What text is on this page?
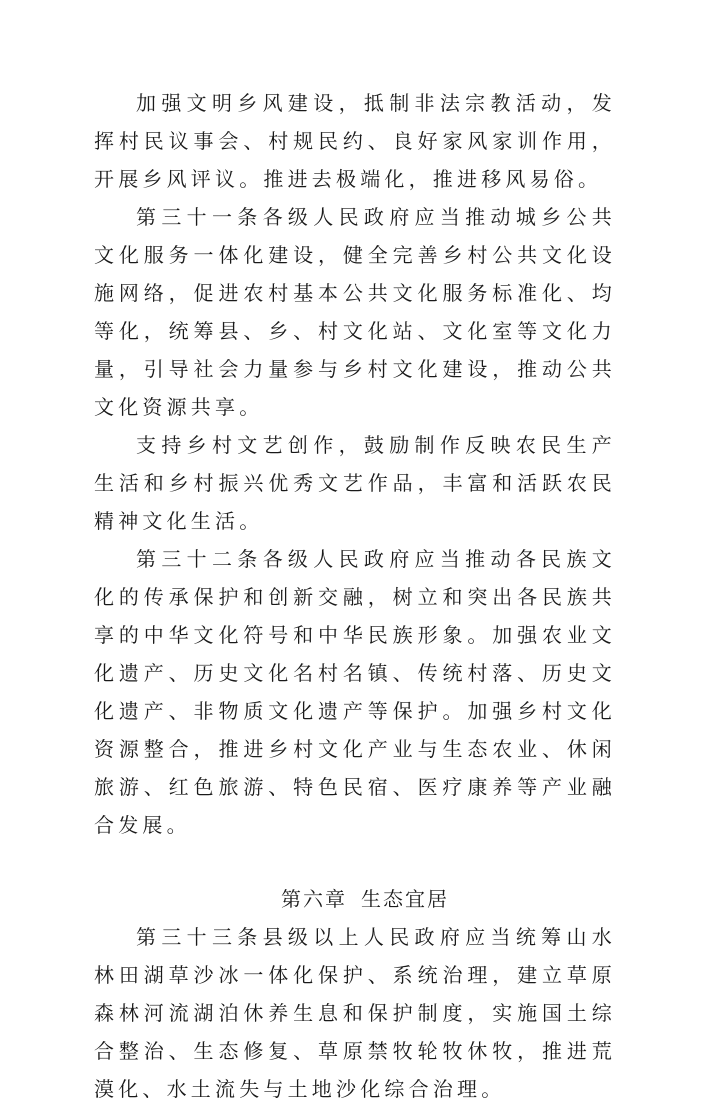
加强文明乡风建设，抵制非法宗教活动，发挥村民议事会、村规民约、良好家风家训作用，开展乡风评议。推进去极端化，推进移风易俗。

第三十一条各级人民政府应当推动城乡公共文化服务一体化建设，健全完善乡村公共文化设施网络，促进农村基本公共文化服务标准化、均等化，统筹县、乡、村文化站、文化室等文化力量，引导社会力量参与乡村文化建设，推动公共文化资源共享。

支持乡村文艺创作，鼓励制作反映农民生产生活和乡村振兴优秀文艺作品，丰富和活跃农民精神文化生活。

第三十二条各级人民政府应当推动各民族文化的传承保护和创新交融，树立和突出各民族共享的中华文化符号和中华民族形象。加强农业文化遗产、历史文化名村名镇、传统村落、历史文化遗产、非物质文化遗产等保护。加强乡村文化资源整合，推进乡村文化产业与生态农业、休闲旅游、红色旅游、特色民宿、医疗康养等产业融合发展。

第六章 生态宜居

第三十三条县级以上人民政府应当统筹山水林田湖草沙冰一体化保护、系统治理，建立草原森林河流湖泊休养生息和保护制度，实施国土综合整治、生态修复、草原禁牧轮牧休牧，推进荒漠化、水土流失与土地沙化综合治理。
